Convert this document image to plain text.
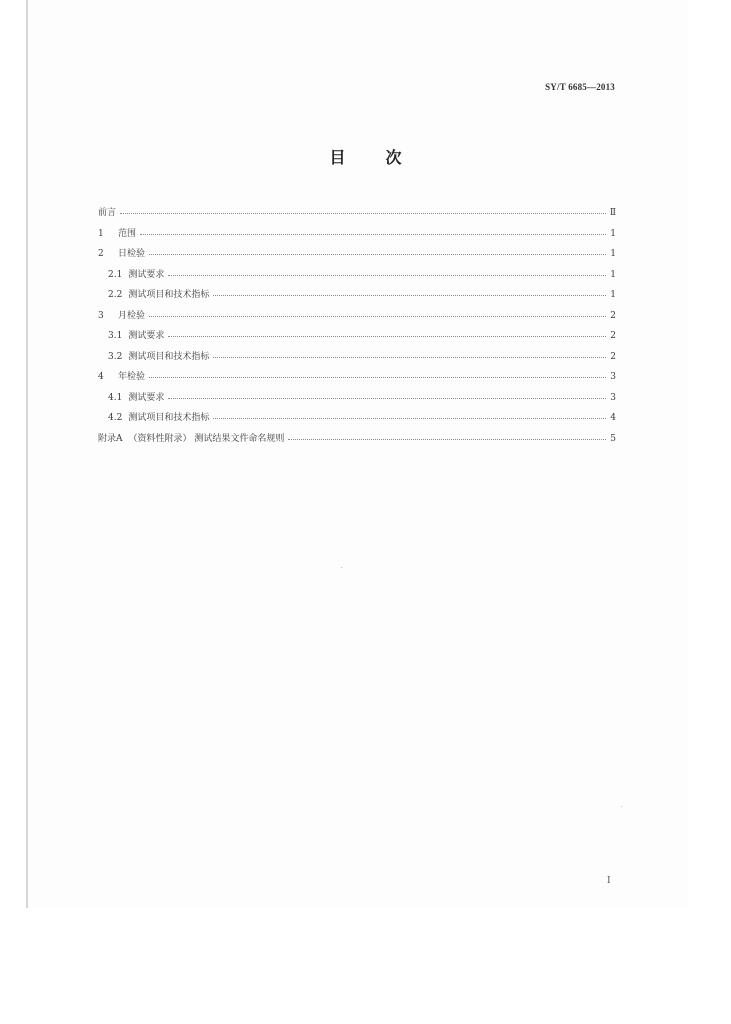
SY/T 6685—2013
目次
前言	Ⅱ
1	范围	1
2	日检验	1
2.1 测试要求	1
2.2 测试项目和技术指标	1
3	月检验	2
3.1 测试要求	2
3.2 测试项目和技术指标	2
4	年检验	3
4.1 测试要求	3
4.2 测试项目和技术指标	4
附录A （资料性附录） 测试结果文件命名规则	5
I
